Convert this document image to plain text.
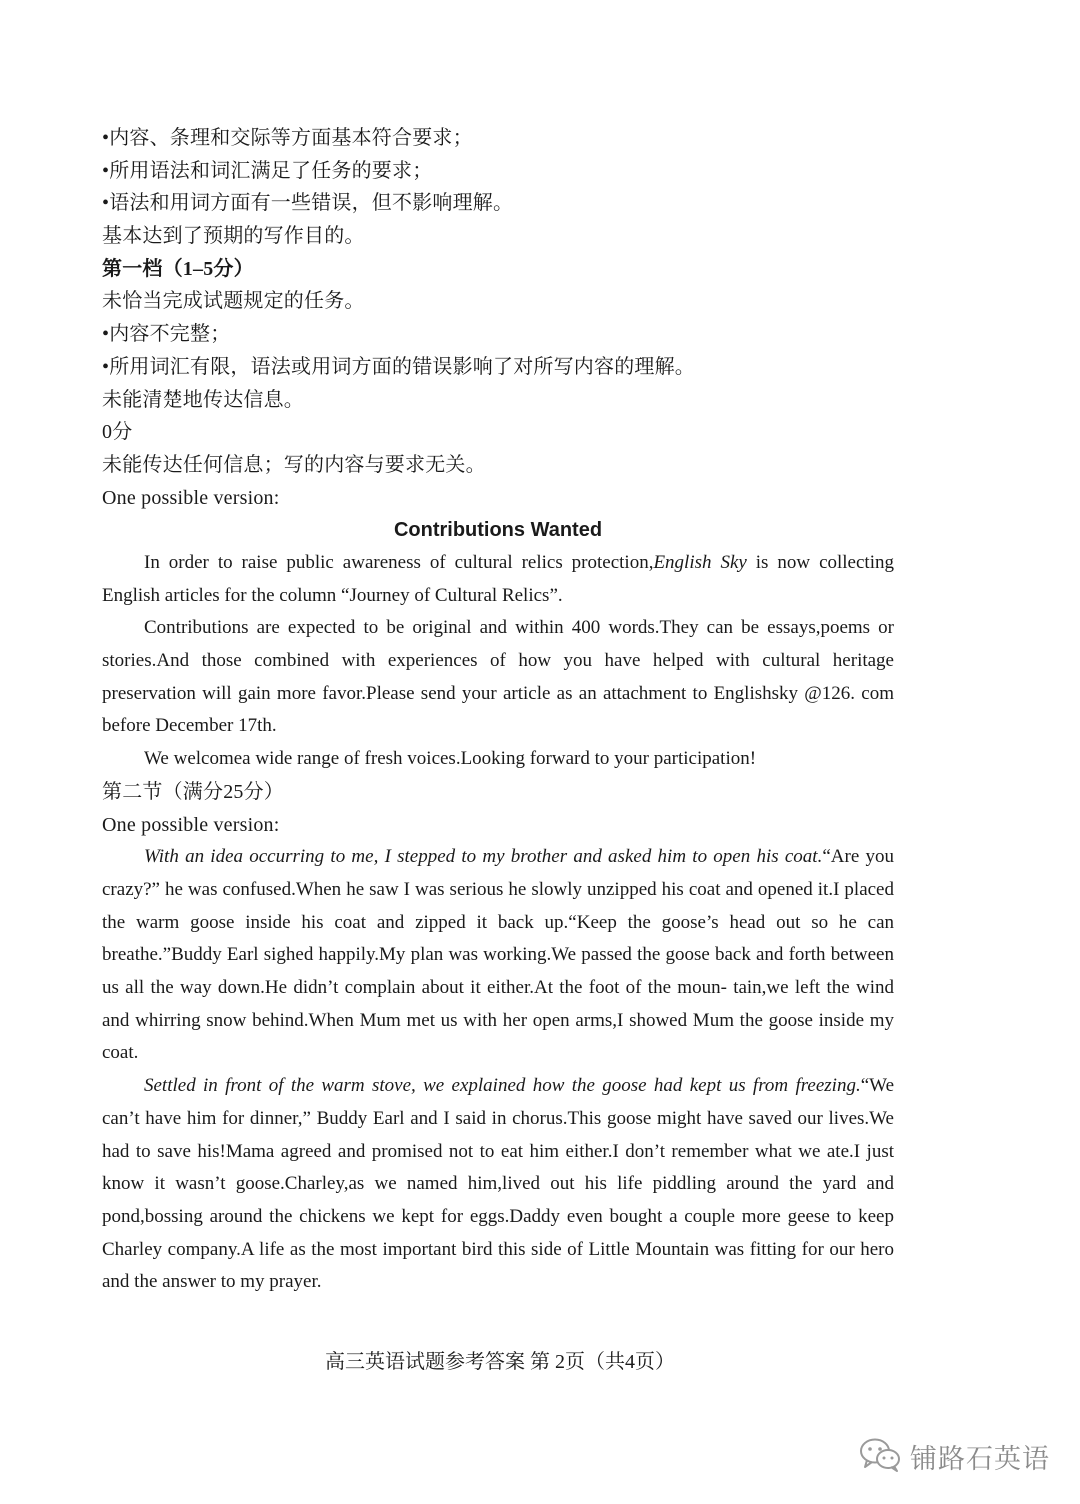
•内容、条理和交际等方面基本符合要求；
•所用语法和词汇满足了任务的要求；
•语法和用词方面有一些错误，但不影响理解。
基本达到了预期的写作目的。
第一档（1–5分）
未恰当完成试题规定的任务。
•内容不完整；
•所用词汇有限，语法或用词方面的错误影响了对所写内容的理解。
未能清楚地传达信息。
0分
未能传达任何信息；写的内容与要求无关。
One possible version:
Contributions Wanted

In order to raise public awareness of cultural relics protection,English Sky is now collecting English articles for the column “Journey of Cultural Relics”.

Contributions are expected to be original and within 400 words.They can be essays,poems or stories.And those combined with experiences of how you have helped with cultural heritage preservation will gain more favor.Please send your article as an attachment to Englishsky @126. com before December 17th.

We welcomea wide range of fresh voices.Looking forward to your participation!

第二节（满分25分）
One possible version:

With an idea occurring to me, I stepped to my brother and asked him to open his coat.“Are you crazy?” he was confused.When he saw I was serious he slowly unzipped his coat and opened it.I placed the warm goose inside his coat and zipped it back up.“Keep the goose’s head out so he can breathe.”Buddy Earl sighed happily.My plan was working.We passed the goose back and forth between us all the way down.He didn’t complain about it either.At the foot of the moun- tain,we left the wind and whirring snow behind.When Mum met us with her open arms,I showed Mum the goose inside my coat.

Settled in front of the warm stove, we explained how the goose had kept us from freezing.“We can’t have him for dinner,” Buddy Earl and I said in chorus.This goose might have saved our lives.We had to save his!Mama agreed and promised not to eat him either.I don’t remember what we ate.I just know it wasn’t goose.Charley,as we named him,lived out his life piddling around the yard and pond,bossing around the chickens we kept for eggs.Daddy even bought a couple more geese to keep Charley company.A life as the most important bird this side of Little Mountain was fitting for our hero and the answer to my prayer.

高三英语试题参考答案 第 2页（共4页）
铺路石英语
